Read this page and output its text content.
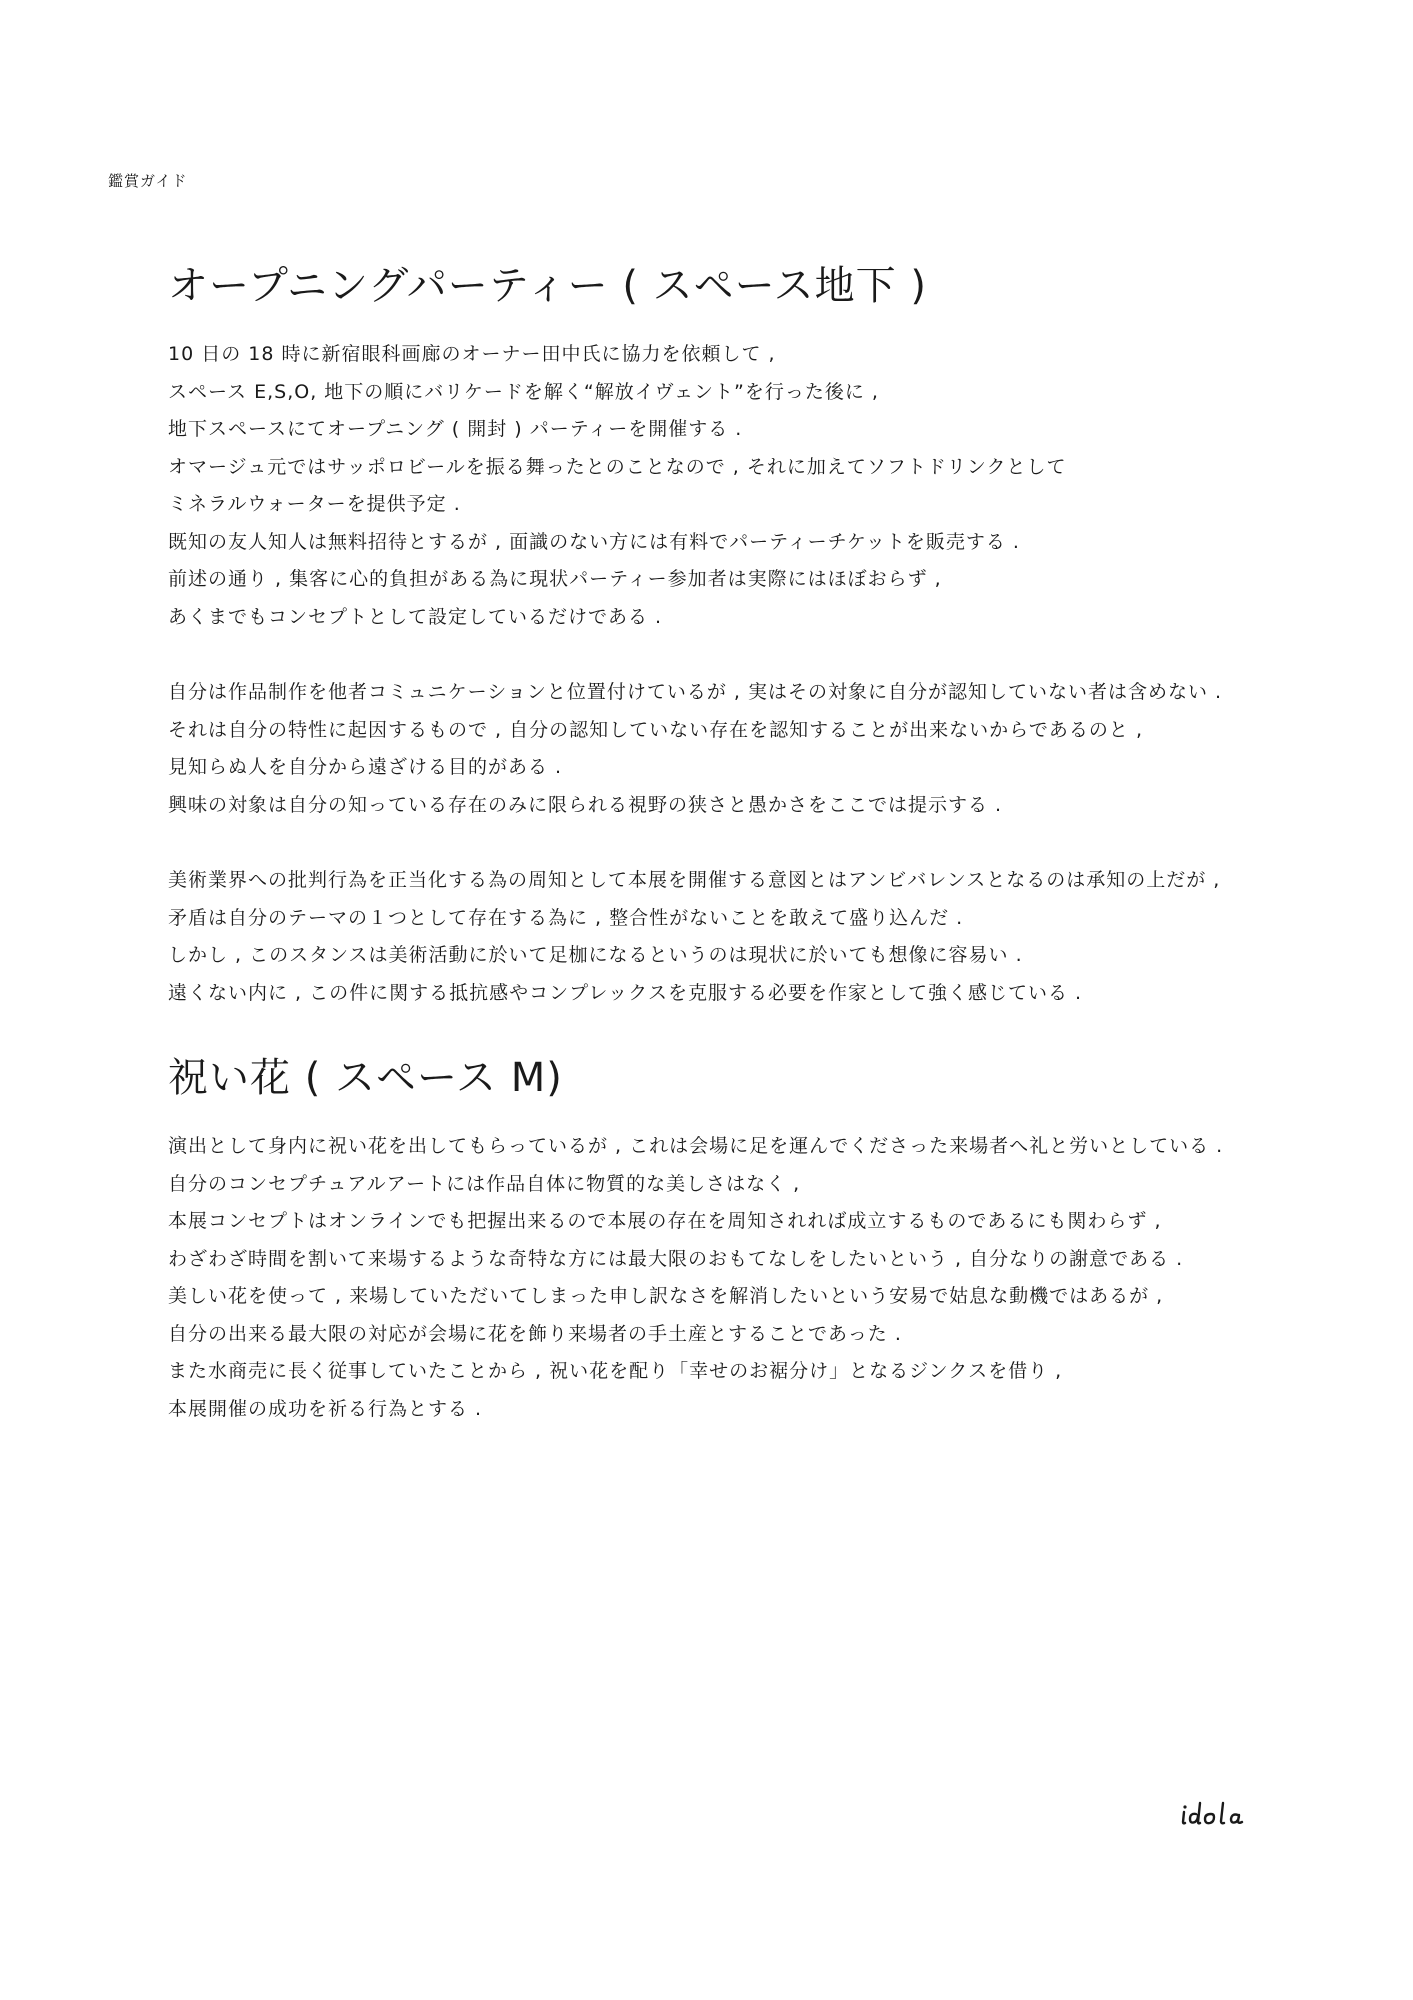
鑑賞ガイド
オープニングパーティー ( スペース地下 )

10 日の 18 時に新宿眼科画廊のオーナー田中氏に協力を依頼して ,

スペース E,S,O, 地下の順にバリケードを解く“解放イヴェント”を行った後に ,

地下スペースにてオープニング ( 開封 ) パーティーを開催する .

オマージュ元ではサッポロビールを振る舞ったとのことなので , それに加えてソフトドリンクとして

ミネラルウォーターを提供予定 .

既知の友人知人は無料招待とするが , 面識のない方には有料でパーティーチケットを販売する .

前述の通り , 集客に心的負担がある為に現状パーティー参加者は実際にはほぼおらず ,

あくまでもコンセプトとして設定しているだけである .

自分は作品制作を他者コミュニケーションと位置付けているが , 実はその対象に自分が認知していない者は含めない .

それは自分の特性に起因するもので , 自分の認知していない存在を認知することが出来ないからであるのと ,

見知らぬ人を自分から遠ざける目的がある .

興味の対象は自分の知っている存在のみに限られる視野の狭さと愚かさをここでは提示する .

美術業界への批判行為を正当化する為の周知として本展を開催する意図とはアンビバレンスとなるのは承知の上だが ,

矛盾は自分のテーマの１つとして存在する為に , 整合性がないことを敢えて盛り込んだ .

しかし , このスタンスは美術活動に於いて足枷になるというのは現状に於いても想像に容易い .

遠くない内に , この件に関する抵抗感やコンプレックスを克服する必要を作家として強く感じている .

祝い花 ( スペース M)

演出として身内に祝い花を出してもらっているが , これは会場に足を運んでくださった来場者へ礼と労いとしている .

自分のコンセプチュアルアートには作品自体に物質的な美しさはなく ,

本展コンセプトはオンラインでも把握出来るので本展の存在を周知されれば成立するものであるにも関わらず ,

わざわざ時間を割いて来場するような奇特な方には最大限のおもてなしをしたいという , 自分なりの謝意である .

美しい花を使って , 来場していただいてしまった申し訳なさを解消したいという安易で姑息な動機ではあるが ,

自分の出来る最大限の対応が会場に花を飾り来場者の手土産とすることであった .

また水商売に長く従事していたことから , 祝い花を配り「幸せのお裾分け」となるジンクスを借り ,

本展開催の成功を祈る行為とする .
